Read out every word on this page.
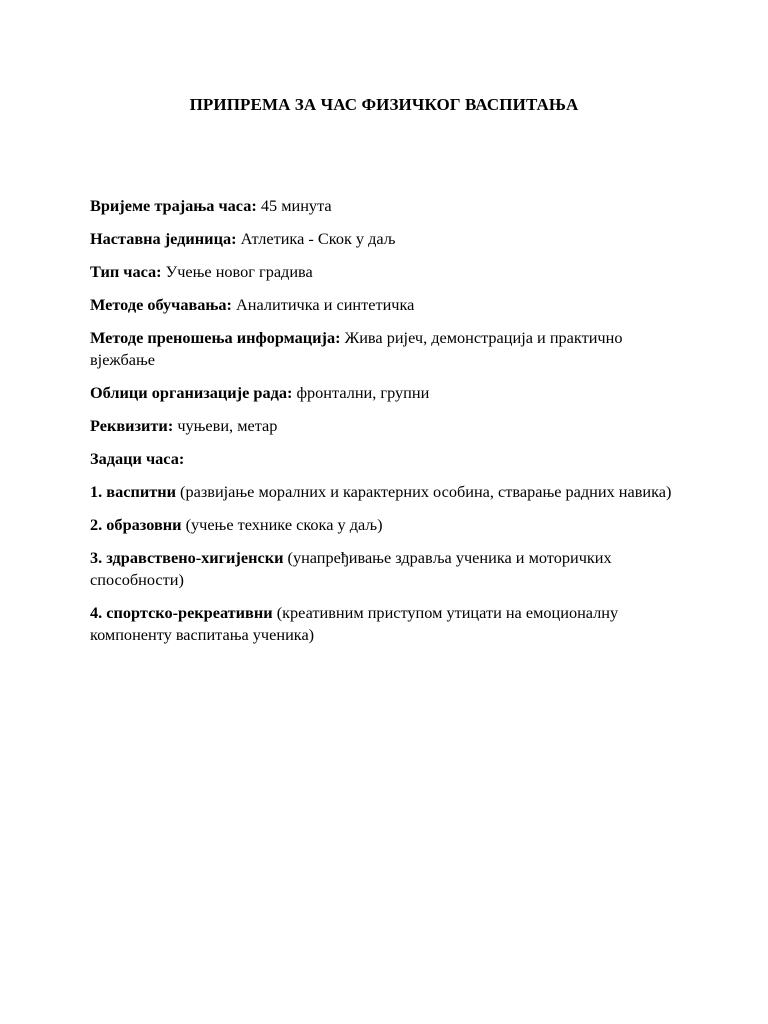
ПРИПРЕМА ЗА ЧАС ФИЗИЧКОГ ВАСПИТАЊА

Вријеме трајања часа: 45 минута

Наставна јединица: Атлетика - Скок у даљ

Тип часа: Учење новог градива

Методе обучавања: Аналитичка и синтетичка

Методе преношења информација: Жива ријеч, демонстрација и практично вјежбање

Облици организације рада: фронтални, групни

Реквизити: чуњеви, метар

Задаци часа:

1. васпитни (развијање моралних и карактерних особина, стварање радних навика)

2. образовни (учење технике скока у даљ)

3. здравствено-хигијенски (унапређивање здравља ученика и моторичких способности)

4. спортско-рекреативни (креативним приступом утицати на емоционалну компоненту васпитања ученика)
